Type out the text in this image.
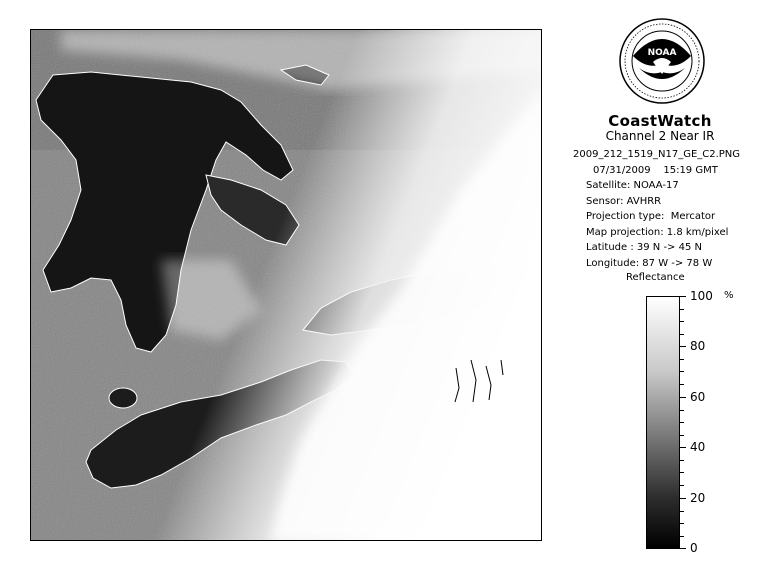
NOAA
CoastWatch
Channel 2 Near IR
2009_212_1519_N17_GE_C2.PNG
07/31/2009    15:19 GMT
Satellite: NOAA-17
Sensor: AVHRR
Projection type:  Mercator
Map projection: 1.8 km/pixel
Latitude : 39 N -> 45 N
Longitude: 87 W -> 78 W
Reflectance
%
100
80
60
40
20
0
